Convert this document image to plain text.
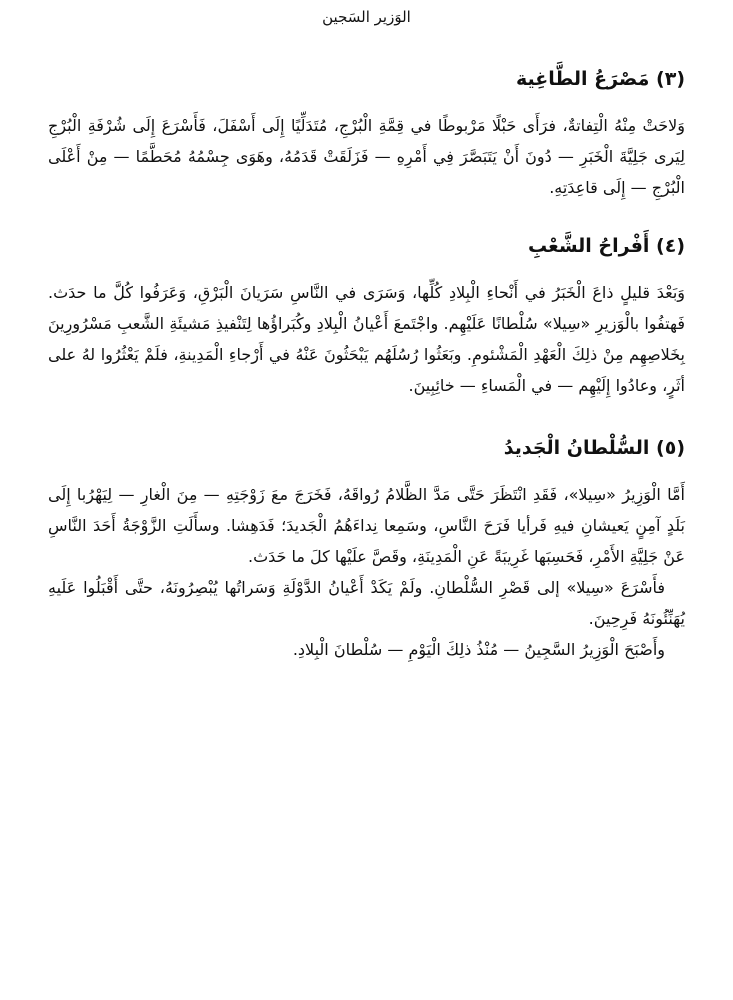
الوَزير السَجين
(٣) مَصْرَعُ الطَّاغِية

وَلاحَتْ مِنْهُ الْتِفاتةٌ، فرَأَى حَبْلًا مَرْبوطًا في قِمَّةِ الْبُرْجِ، مُتَدَلِّيًا إِلَى أَسْفَلَ، فَأَسْرَعَ إِلَى شُرْفَةِ الْبُرْجِ لِيَرى جَلِيَّةَ الْخَبَرِ — دُونَ أَنْ يَتَبَصَّرَ فِي أَمْرِهِ — فَزَلَقَتْ قَدَمُهُ، وهَوَى جِسْمُهُ مُحَطَّمًا — مِنْ أَعْلَى الْبُرْجِ — إِلَى قاعِدَتِهِ.

(٤) أَفْراحُ الشَّعْبِ

وَبَعْدَ قليلٍ ذاعَ الْخَبَرُ في أَنْحاءِ الْبِلادِ كُلِّها، وَسَرَى في النَّاسِ سَرَيانَ الْبَرْقِ، وَعَرَفُوا كُلَّ ما حدَث. فَهتفُوا بالْوَزيرِ «سِيلا» سُلْطانًا عَلَيْهِم. واجْتَمعَ أَعْيانُ الْبِلادِ وكُبَراؤُها لِتَنْفيذِ مَشيئَةِ الشَّعبِ مَسْرُورِينَ بِخَلاصِهِم مِنْ ذلِكَ الْعَهْدِ الْمَشْئومِ. وبَعَثُوا رُسُلَهُم يَبْحَثُونَ عَنْهُ في أَرْجاءِ الْمَدِينةِ، فلَمْ يَعْثُرُوا لهُ على أثَرٍ، وعادُوا إِلَيْهِم — في الْمَساءِ — خائِبِينَ.

(٥) السُّلْطانُ الْجَديدُ

أَمَّا الْوَزِيرُ «سِيلا»، فَقَدِ انْتَظَرَ حَتَّى مَدَّ الظَّلامُ رُواقَهُ، فَخَرَجَ معَ زَوْجَتِهِ — مِنَ الْغارِ — لِيَهْرُبا إِلَى بَلَدٍ آمِنٍ يَعيشانِ فيهِ فَرأيا فَرَحَ النَّاسِ، وسَمِعا نِداءَهُمُ الْجَديدَ؛ فَدَهِشا. وسأَلَتِ الزَّوْجَةُ أَحَدَ النَّاسِ عَنْ جَلِيَّةِ الأَمْرِ، فَحَسِبَها غَرِيبَةً عَنِ الْمَدِينَةِ، وقَصَّ علَيْها كلَ ما حَدَث.

فأَسْرَعَ «سِيلا» إلى قَصْرِ السُّلْطانِ. ولَمْ يَكَدْ أَعْيانُ الدَّوْلَةِ وَسَراتُها يُبْصِرُونَهُ، حتَّى أَقْبَلُوا عَلَيهِ يُهَنِّئُونَهُ فَرِحِينَ.

وأَصْبَحَ الْوَزِيرُ السَّجِينُ — مُنْذُ ذلِكَ الْيَوْمِ — سُلْطانَ الْبِلادِ.
